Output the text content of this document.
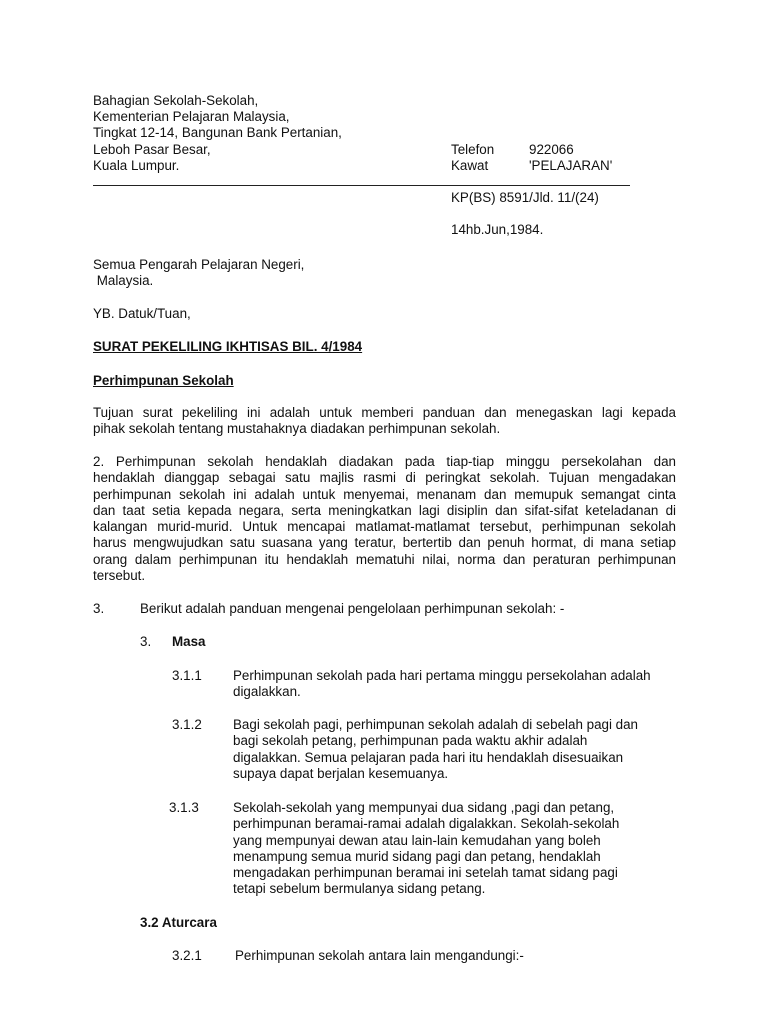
Bahagian Sekolah-Sekolah,
Kementerian Pelajaran Malaysia,
Tingkat 12-14, Bangunan Bank Pertanian,
Leboh Pasar Besar,
Kuala Lumpur.
Telefon	922066
Kawat	'PELAJARAN'
KP(BS) 8591/Jld. 11/(24)
14hb.Jun,1984.
Semua Pengarah Pelajaran Negeri,
Malaysia.
YB. Datuk/Tuan,
SURAT PEKELILING IKHTISAS BIL. 4/1984
Perhimpunan Sekolah
Tujuan surat pekeliling ini adalah untuk memberi panduan dan menegaskan lagi kepada
pihak sekolah tentang mustahaknya diadakan perhimpunan sekolah.
2. Perhimpunan sekolah hendaklah diadakan pada tiap-tiap minggu persekolahan dan
hendaklah dianggap sebagai satu majlis rasmi di peringkat sekolah. Tujuan mengadakan
perhimpunan sekolah ini adalah untuk menyemai, menanam dan memupuk semangat cinta
dan taat setia kepada negara, serta meningkatkan lagi disiplin dan sifat-sifat keteladanan di
kalangan murid-murid. Untuk mencapai matlamat-matlamat tersebut, perhimpunan sekolah
harus mengwujudkan satu suasana yang teratur, bertertib dan penuh hormat, di mana setiap
orang dalam perhimpunan itu hendaklah mematuhi nilai, norma dan peraturan perhimpunan
tersebut.
3.	Berikut adalah panduan mengenai pengelolaan perhimpunan sekolah: -
3. Masa
3.1.1 Perhimpunan sekolah pada hari pertama minggu persekolahan adalah
digalakkan.
3.1.2 Bagi sekolah pagi, perhimpunan sekolah adalah di sebelah pagi dan
bagi sekolah petang, perhimpunan pada waktu akhir adalah
digalakkan. Semua pelajaran pada hari itu hendaklah disesuaikan
supaya dapat berjalan kesemuanya.
3.1.3	Sekolah-sekolah yang mempunyai dua sidang ,pagi dan petang,
perhimpunan beramai-ramai adalah digalakkan. Sekolah-sekolah
yang mempunyai dewan atau lain-lain kemudahan yang boleh
menampung semua murid sidang pagi dan petang, hendaklah
mengadakan perhimpunan beramai ini setelah tamat sidang pagi
tetapi sebelum bermulanya sidang petang.
3.2 Aturcara
3.2.1 Perhimpunan sekolah antara lain mengandungi:-
